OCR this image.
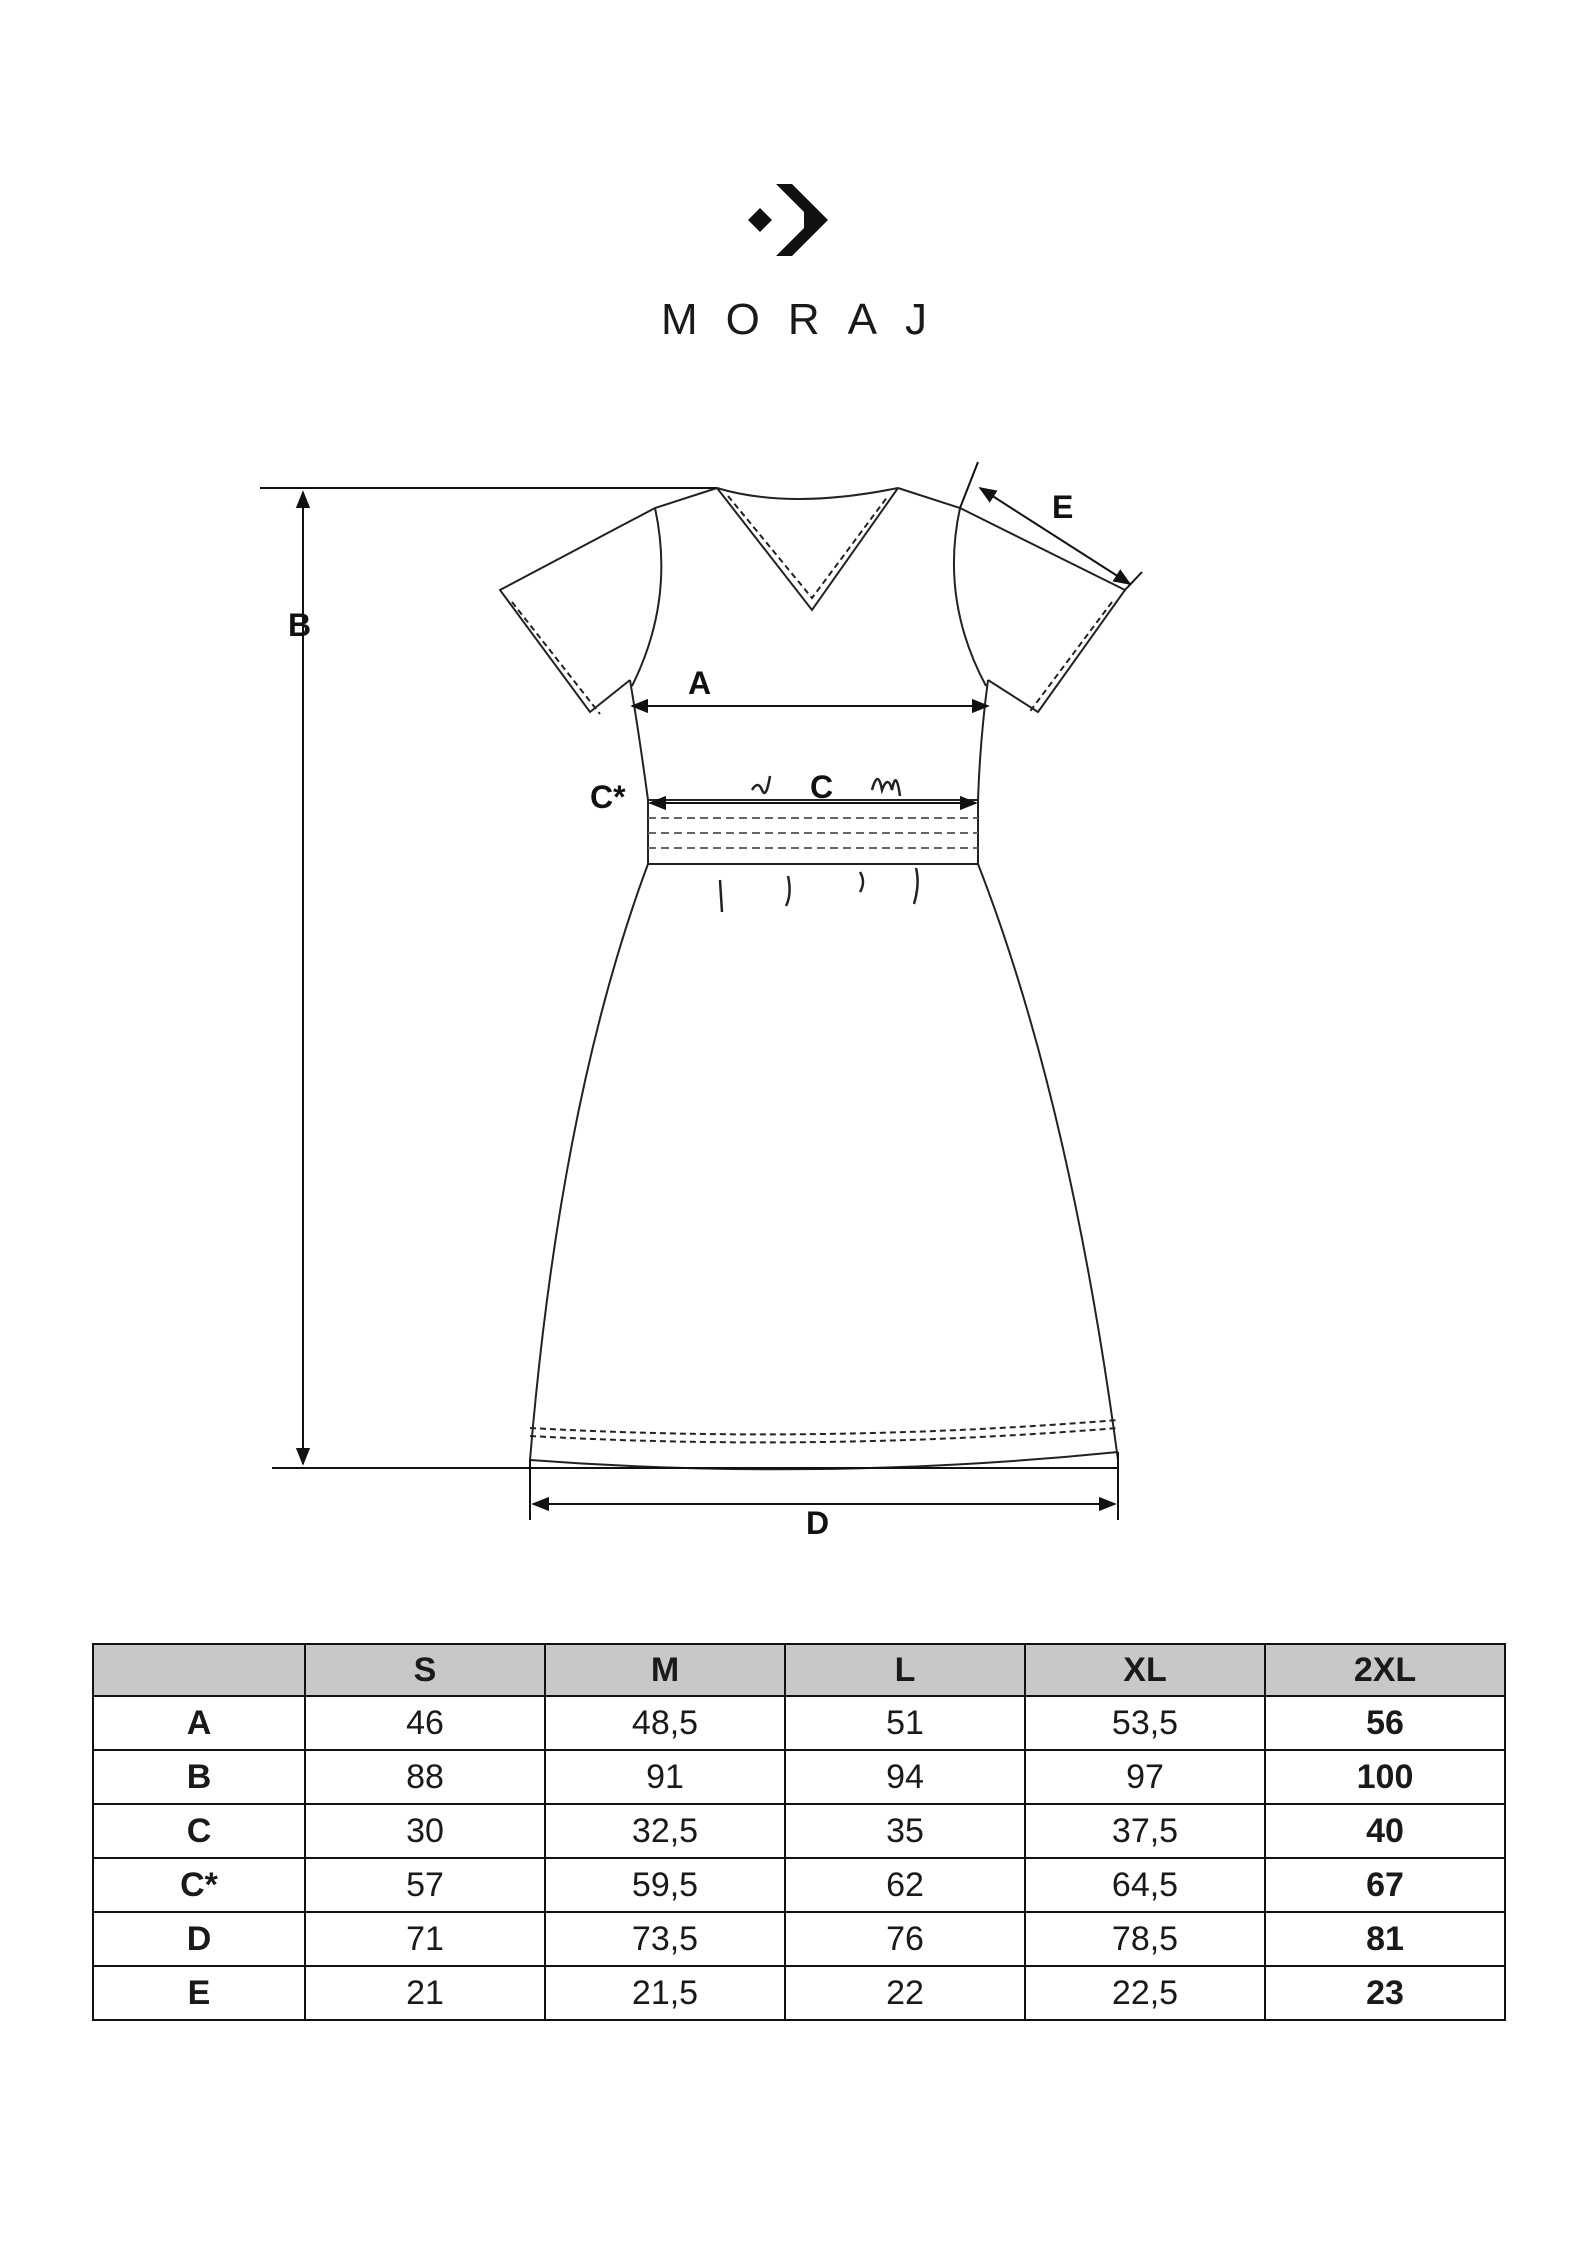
MORAJ
B
A
C
C*
D
E
	S	M	L	XL	2XL
A	46	48,5	51	53,5	56
B	88	91	94	97	100
C	30	32,5	35	37,5	40
C*	57	59,5	62	64,5	67
D	71	73,5	76	78,5	81
E	21	21,5	22	22,5	23
